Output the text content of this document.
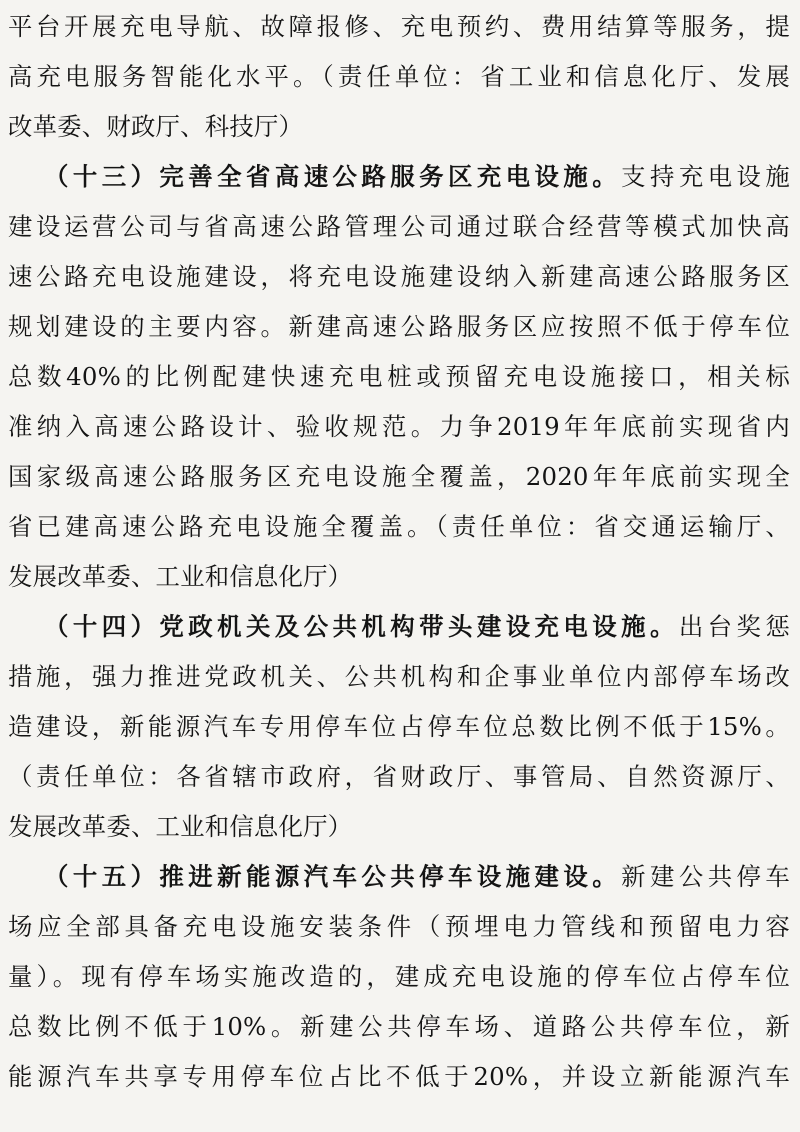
平台开展充电导航、故障报修、充电预约、费用结算等服务，提
高充电服务智能化水平。（责任单位：省工业和信息化厅、发展
改革委、财政厅、科技厅）
（十三）完善全省高速公路服务区充电设施。支持充电设施
建设运营公司与省高速公路管理公司通过联合经营等模式加快高
速公路充电设施建设，将充电设施建设纳入新建高速公路服务区
规划建设的主要内容。新建高速公路服务区应按照不低于停车位
总数40%的比例配建快速充电桩或预留充电设施接口，相关标
准纳入高速公路设计、验收规范。力争2019年年底前实现省内
国家级高速公路服务区充电设施全覆盖，2020年年底前实现全
省已建高速公路充电设施全覆盖。（责任单位：省交通运输厅、
发展改革委、工业和信息化厅）
（十四）党政机关及公共机构带头建设充电设施。出台奖惩
措施，强力推进党政机关、公共机构和企事业单位内部停车场改
造建设，新能源汽车专用停车位占停车位总数比例不低于15%。
（责任单位：各省辖市政府，省财政厅、事管局、自然资源厅、
发展改革委、工业和信息化厅）
（十五）推进新能源汽车公共停车设施建设。新建公共停车
场应全部具备充电设施安装条件（预埋电力管线和预留电力容
量）。现有停车场实施改造的，建成充电设施的停车位占停车位
总数比例不低于10%。新建公共停车场、道路公共停车位，新
能源汽车共享专用停车位占比不低于20%，并设立新能源汽车
